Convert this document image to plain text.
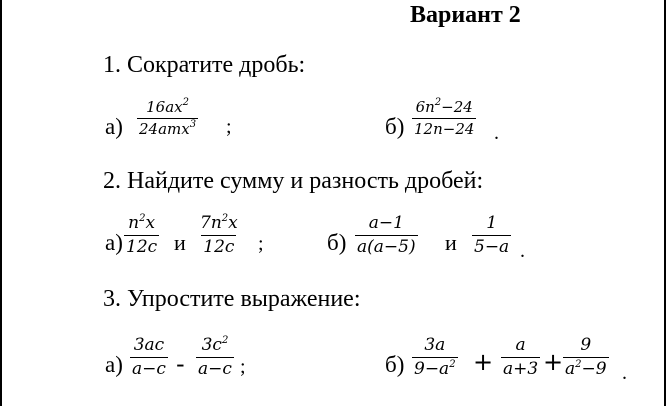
Вариант 2
1. Сократите дробь:
а)
$16ax^2$
24amx$^3$ ;	$б) \frac{6n^2-24}{12n-24}$ .
2. Найдите сумму и разность дробей:
$а) \frac{n^2x}{12c}$ и $\frac{7n^2x}{12c}$ ;	$б) \frac{a-1}{a(a-5)}$ и $\frac{1}{5-a}$ .
3. Упростите выражение:
$а) \frac{3ac}{a-c} - \frac{3c^2}{a-c}$ ;	$б) \frac{3a}{9-a^2} + \frac{a}{a+3} + \frac{9}{a^2-9}$ .
